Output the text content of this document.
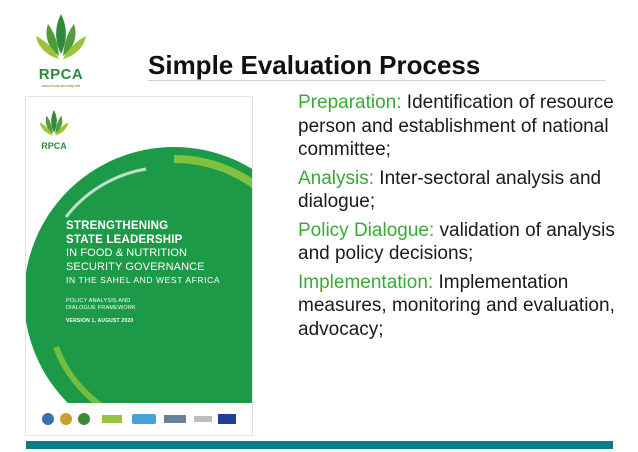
RPCA
www.food-security.net
Simple Evaluation Process
RPCA
STRENGTHENING
STATE LEADERSHIP
IN FOOD & NUTRITION
SECURITY GOVERNANCE
IN THE SAHEL AND WEST AFRICA
POLICY ANALYSIS AND
DIALOGUE FRAMEWORK
VERSION 1, AUGUST 2020
Preparation: Identification of resource person and establishment of national committee;
Analysis: Inter-sectoral analysis and dialogue;
Policy Dialogue: validation of analysis and policy decisions;
Implementation: Implementation measures, monitoring and evaluation, advocacy;
